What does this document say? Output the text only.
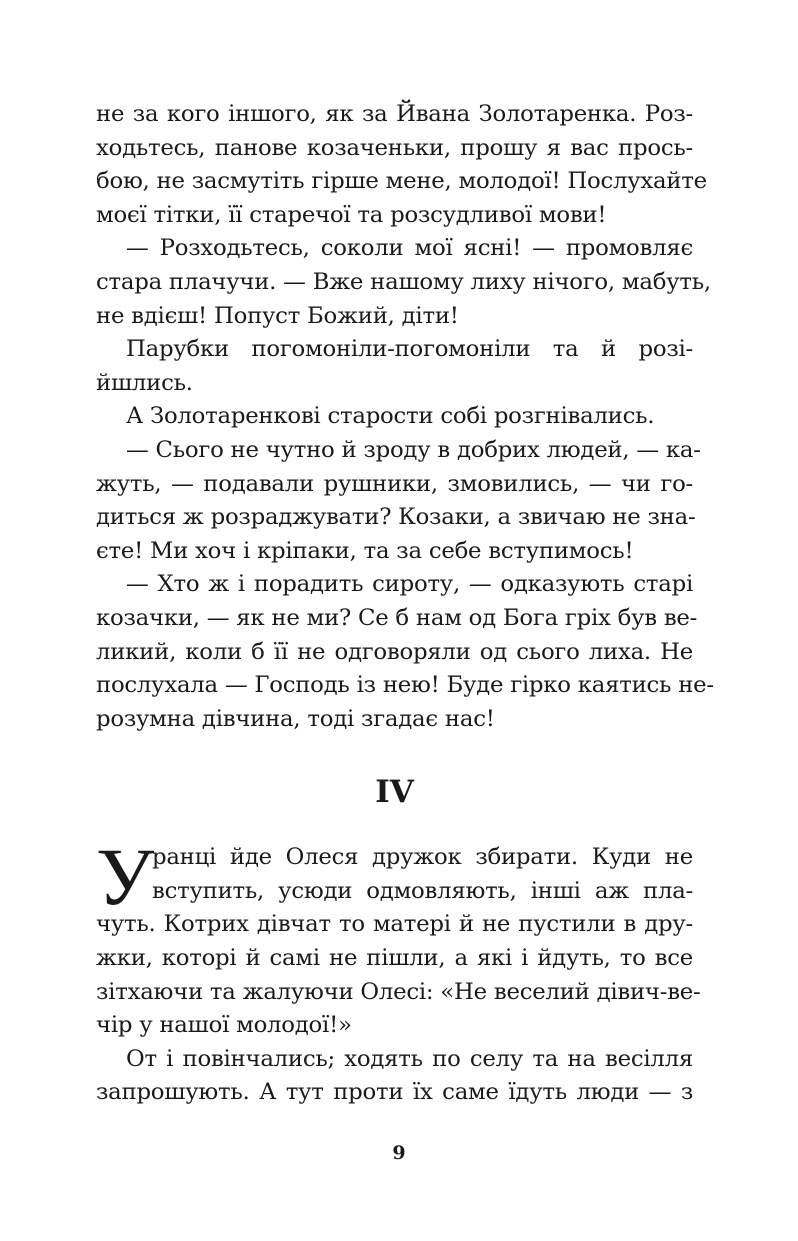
не за кого іншого, як за Йвана Золотаренка. Роз-
ходьтесь, панове козаченьки, прошу я вас прось-
бою, не засмутіть гірше мене, молодої! Послухайте
моєї тітки, її старечої та розсудливої мови!
— Розходьтесь, соколи мої ясні! — промовляє
стара плачучи. — Вже нашому лиху нічого, мабуть,
не вдієш! Попуст Божий, діти!
Парубки погомоніли-погомоніли та й розі-
йшлись.
А Золотаренкові старости собі розгнівались.
— Сього не чутно й зроду в добрих людей, — ка-
жуть, — подавали рушники, змовились, — чи го-
диться ж розраджувати? Козаки, а звичаю не зна-
єте! Ми хоч і кріпаки, та за себе вступимось!
— Хто ж і порадить сироту, — одказують старі
козачки, — як не ми? Се б нам од Бога гріх був ве-
ликий, коли б її не одговоряли од сього лиха. Не
послухала — Господь із нею! Буде гірко каятись не-
розумна дівчина, тоді згадає нас!
IV
У
ранці йде Олеся дружок збирати. Куди не
вступить, усюди одмовляють, інші аж пла-
чуть. Котрих дівчат то матері й не пустили в дру-
жки, которі й самі не пішли, а які і йдуть, то все
зітхаючи та жалуючи Олесі: «Не веселий дівич-ве-
чір у нашої молодої!»
От і повінчались; ходять по селу та на весілля
запрошують. А тут проти їх саме їдуть люди — з
9
